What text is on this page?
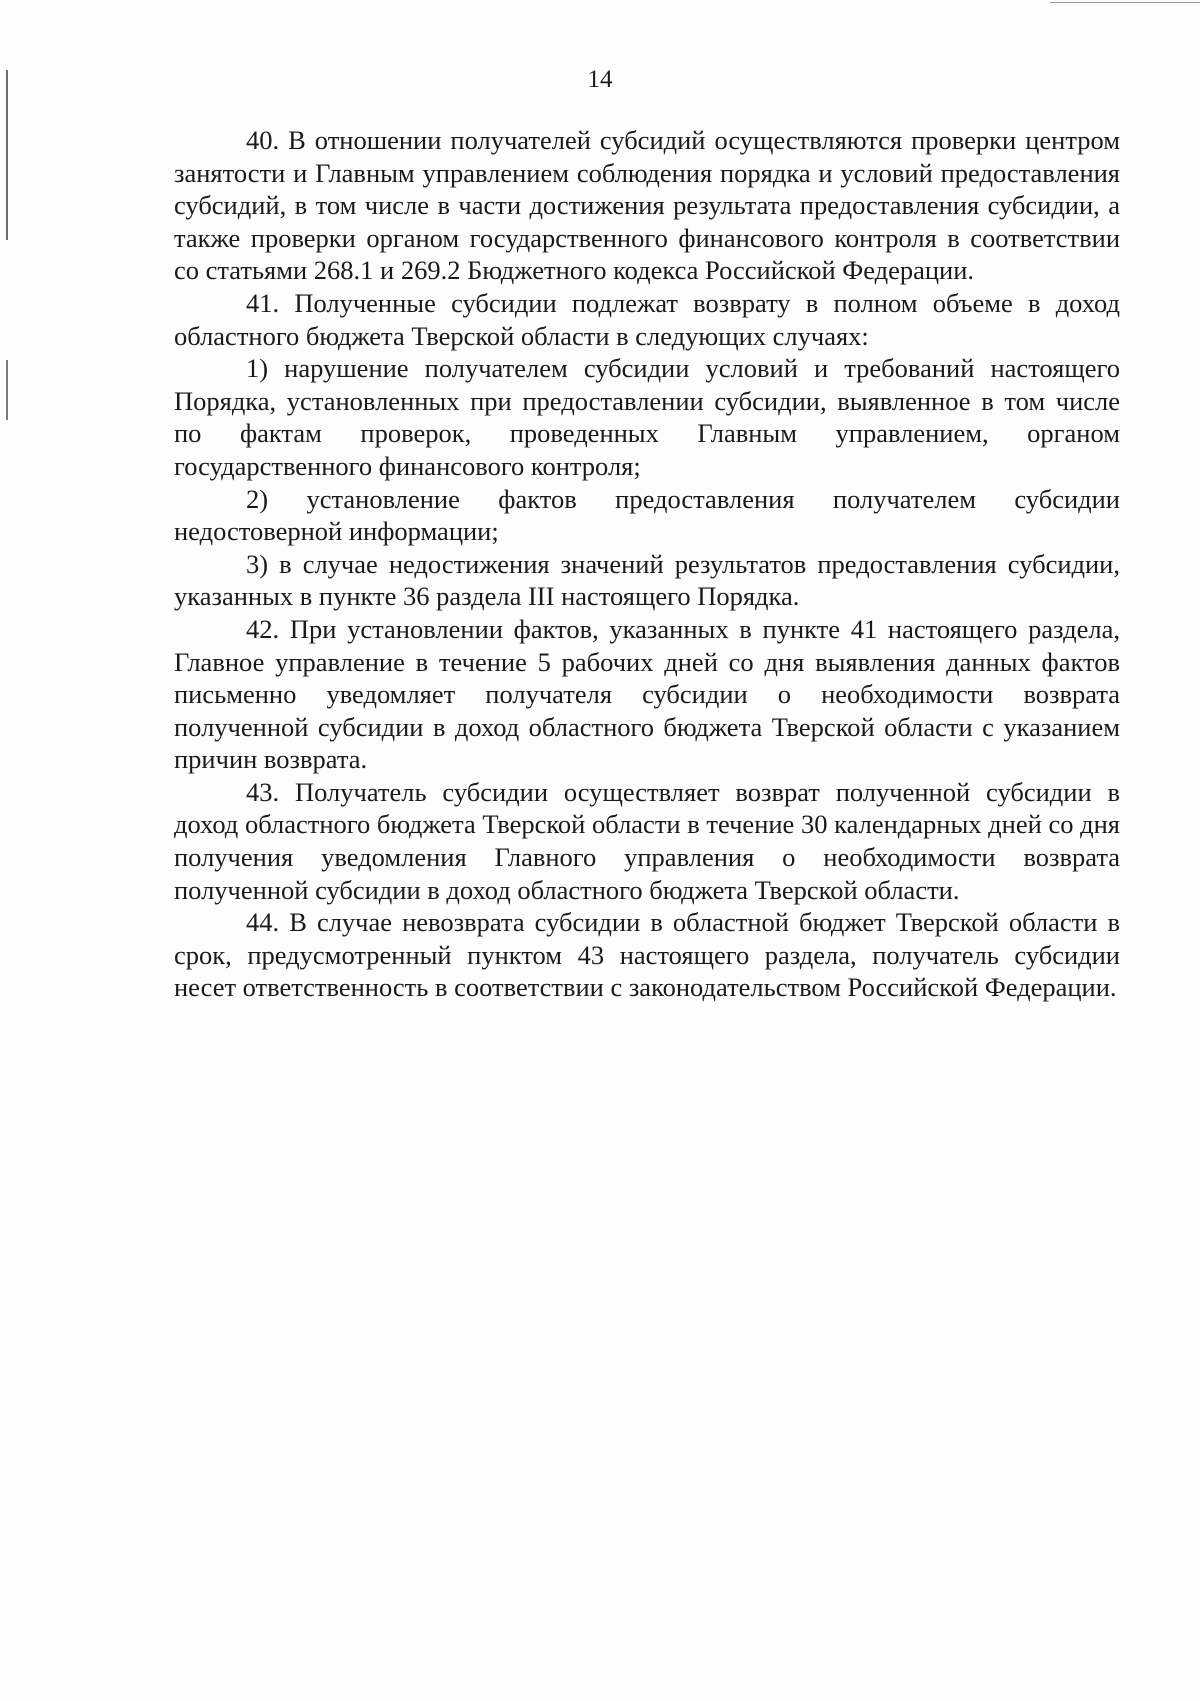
14

40. В отношении получателей субсидий осуществляются проверки центром занятости и Главным управлением соблюдения порядка и условий предоставления субсидий, в том числе в части достижения результата предоставления субсидии, а также проверки органом государственного финансового контроля в соответствии со статьями 268.1 и 269.2 Бюджетного кодекса Российской Федерации.

41. Полученные субсидии подлежат возврату в полном объеме в доход областного бюджета Тверской области в следующих случаях:

1) нарушение получателем субсидии условий и требований настоящего Порядка, установленных при предоставлении субсидии, выявленное в том числе по фактам проверок, проведенных Главным управлением, органом государственного финансового контроля;

2) установление фактов предоставления получателем субсидии недостоверной информации;

3) в случае недостижения значений результатов предоставления субсидии, указанных в пункте 36 раздела III настоящего Порядка.

42. При установлении фактов, указанных в пункте 41 настоящего раздела, Главное управление в течение 5 рабочих дней со дня выявления данных фактов письменно уведомляет получателя субсидии о необходимости возврата полученной субсидии в доход областного бюджета Тверской области с указанием причин возврата.

43. Получатель субсидии осуществляет возврат полученной субсидии в доход областного бюджета Тверской области в течение 30 календарных дней со дня получения уведомления Главного управления о необходимости возврата полученной субсидии в доход областного бюджета Тверской области.

44. В случае невозврата субсидии в областной бюджет Тверской области в срок, предусмотренный пунктом 43 настоящего раздела, получатель субсидии несет ответственность в соответствии с законодательством Российской Федерации.
